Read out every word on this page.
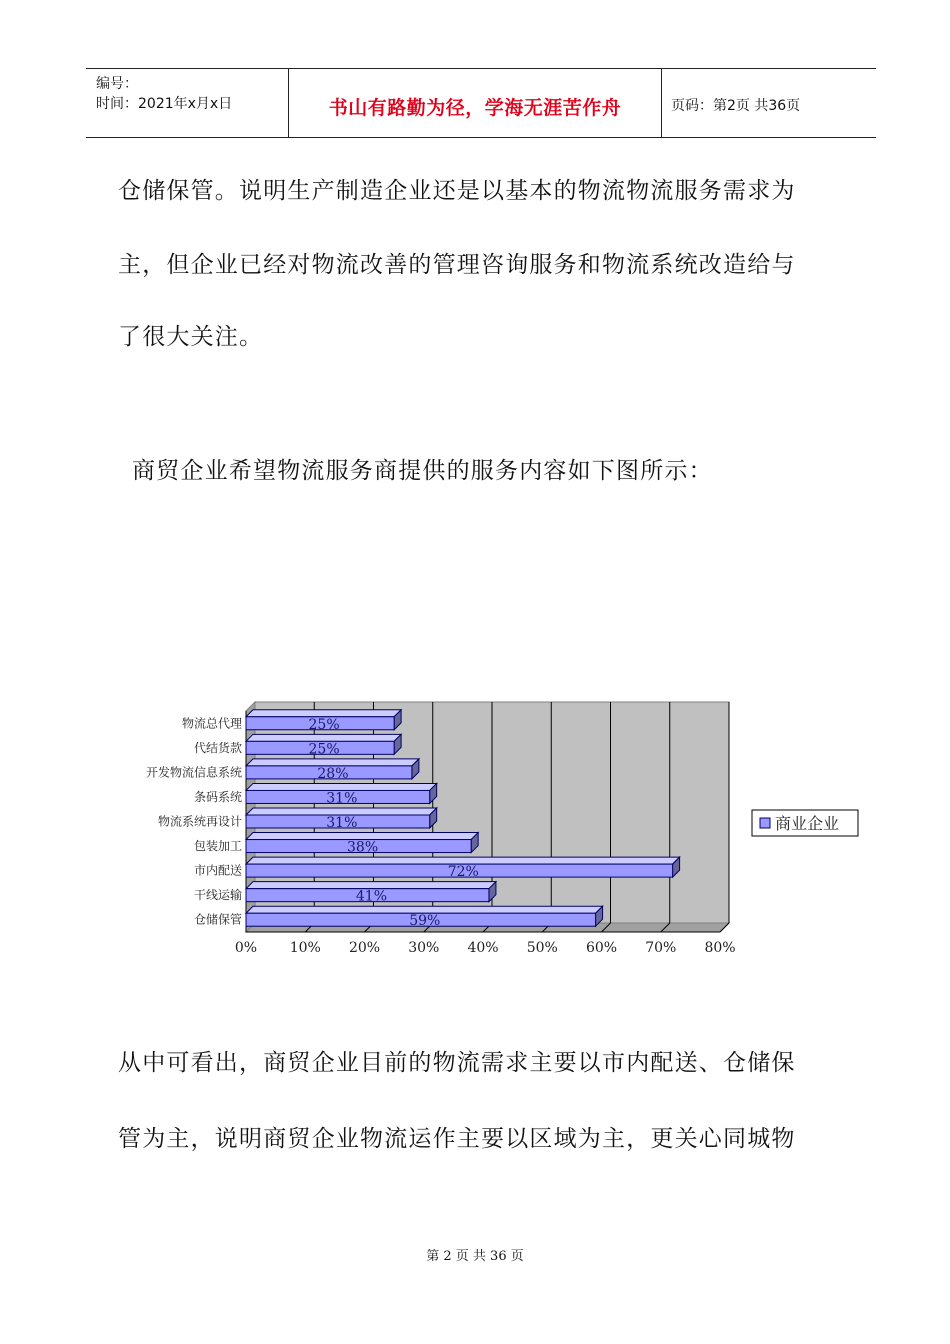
编号：
时间：2021年x月x日	书山有路勤为径，学海无涯苦作舟	页码：第2页 共36页
仓储保管。说明生产制造企业还是以基本的物流物流服务需求为
主，但企业已经对物流改善的管理咨询服务和物流系统改造给与
了很大关注。
商贸企业希望物流服务商提供的服务内容如下图所示：
0% 10% 20% 30% 40% 50% 60% 70% 80%
25%
物流总代理
25%
代结货款
28%
开发物流信息系统
31%
条码系统
31%
物流系统再设计
38%
包装加工
72%
市内配送
41%
干线运输
59%
仓储保管
商业企业
从中可看出，商贸企业目前的物流需求主要以市内配送、仓储保
管为主，说明商贸企业物流运作主要以区域为主，更关心同城物
第 2 页 共 36 页
